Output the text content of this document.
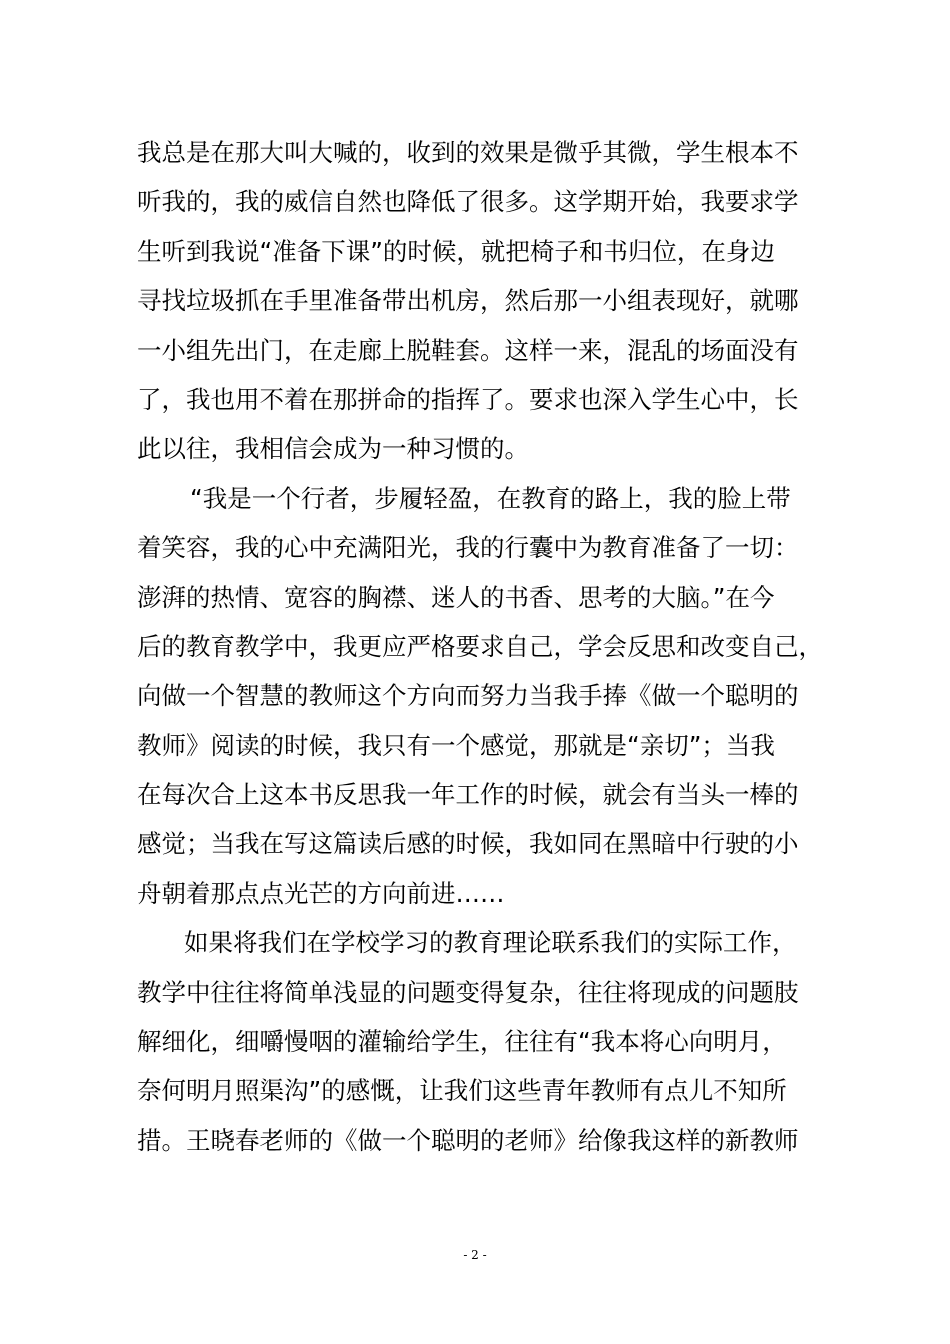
我总是在那大叫大喊的，收到的效果是微乎其微，学生根本不
听我的，我的威信自然也降低了很多。这学期开始，我要求学
生听到我说“准备下课”的时候，就把椅子和书归位，在身边
寻找垃圾抓在手里准备带出机房，然后那一小组表现好，就哪
一小组先出门，在走廊上脱鞋套。这样一来，混乱的场面没有
了，我也用不着在那拼命的指挥了。要求也深入学生心中，长
此以往，我相信会成为一种习惯的。
“我是一个行者，步履轻盈，在教育的路上，我的脸上带
着笑容，我的心中充满阳光，我的行囊中为教育准备了一切：
澎湃的热情、宽容的胸襟、迷人的书香、思考的大脑。”在今
后的教育教学中，我更应严格要求自己，学会反思和改变自己，
向做一个智慧的教师这个方向而努力当我手捧《做一个聪明的
教师》阅读的时候，我只有一个感觉，那就是“亲切”；当我
在每次合上这本书反思我一年工作的时候，就会有当头一棒的
感觉；当我在写这篇读后感的时候，我如同在黑暗中行驶的小
舟朝着那点点光芒的方向前进……
如果将我们在学校学习的教育理论联系我们的实际工作，
教学中往往将简单浅显的问题变得复杂，往往将现成的问题肢
解细化，细嚼慢咽的灌输给学生，往往有“我本将心向明月，
奈何明月照渠沟”的感慨，让我们这些青年教师有点儿不知所
措。王晓春老师的《做一个聪明的老师》给像我这样的新教师
- 2 -
